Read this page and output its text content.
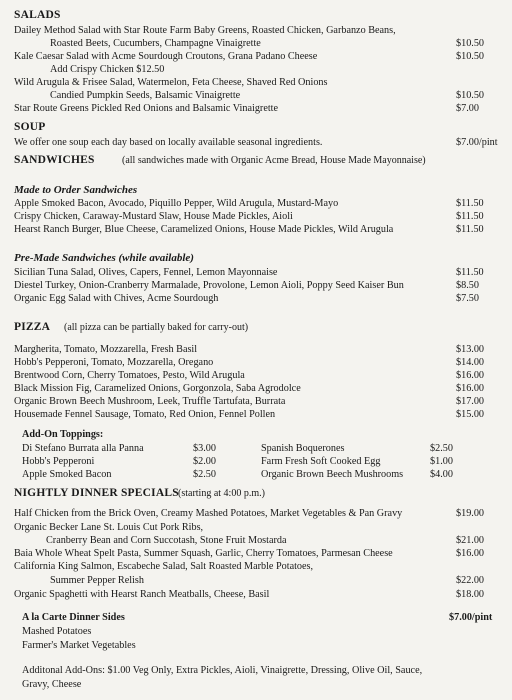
SALADS
Dailey Method Salad with Star Route Farm Baby Greens, Roasted Chicken, Garbanzo Beans,
Roasted Beets, Cucumbers, Champagne Vinaigrette	$10.50
Kale Caesar Salad with Acme Sourdough Croutons, Grana Padano Cheese	$10.50
Add Crispy Chicken $12.50
Wild Arugula & Frisee Salad, Watermelon, Feta Cheese, Shaved Red Onions
Candied Pumpkin Seeds, Balsamic Vinaigrette	$10.50
Star Route Greens Pickled Red Onions and Balsamic Vinaigrette	$7.00
SOUP
We offer one soup each day based on locally available seasonal ingredients.	$7.00/pint
SANDWICHES	(all sandwiches made with Organic Acme Bread, House Made Mayonnaise)
Made to Order Sandwiches
Apple Smoked Bacon, Avocado, Piquillo Pepper, Wild Arugula, Mustard-Mayo	$11.50
Crispy Chicken, Caraway-Mustard Slaw, House Made Pickles, Aioli	$11.50
Hearst Ranch Burger, Blue Cheese, Caramelized Onions, House Made Pickles, Wild Arugula	$11.50
Pre-Made Sandwiches (while available)
Sicilian Tuna Salad, Olives, Capers, Fennel, Lemon Mayonnaise	$11.50
Diestel Turkey, Onion-Cranberry Marmalade, Provolone, Lemon Aioli, Poppy Seed Kaiser Bun	$8.50
Organic Egg Salad with Chives, Acme Sourdough	$7.50
PIZZA (all pizza can be partially baked for carry-out)
Margherita, Tomato, Mozzarella, Fresh Basil	$13.00
Hobb's Pepperoni, Tomato, Mozzarella, Oregano	$14.00
Brentwood Corn, Cherry Tomatoes, Pesto, Wild Arugula	$16.00
Black Mission Fig, Caramelized Onions, Gorgonzola, Saba Agrodolce	$16.00
Organic Brown Beech Mushroom, Leek, Truffle Tartufata, Burrata	$17.00
Housemade Fennel Sausage, Tomato, Red Onion, Fennel Pollen	$15.00
Add-On Toppings:
Di Stefano Burrata alla Panna	$3.00	Spanish Boquerones	$2.50
Hobb's Pepperoni	$2.00	Farm Fresh Soft Cooked Egg	$1.00
Apple Smoked Bacon	$2.50	Organic Brown Beech Mushrooms	$4.00
NIGHTLY DINNER SPECIALS (starting at 4:00 p.m.)
Half Chicken from the Brick Oven, Creamy Mashed Potatoes, Market Vegetables & Pan Gravy	$19.00
Organic Becker Lane St. Louis Cut Pork Ribs,
Cranberry Bean and Corn Succotash, Stone Fruit Mostarda	$21.00
Baia Whole Wheat Spelt Pasta, Summer Squash, Garlic, Cherry Tomatoes, Parmesan Cheese	$16.00
California King Salmon, Escabeche Salad, Salt Roasted Marble Potatoes,
Summer Pepper Relish	$22.00
Organic Spaghetti with Hearst Ranch Meatballs, Cheese, Basil	$18.00
A la Carte Dinner Sides	$7.00/pint
Mashed Potatoes
Farmer's Market Vegetables
Additonal Add-Ons: $1.00 Veg Only, Extra Pickles, Aioli, Vinaigrette, Dressing, Olive Oil, Sauce,
Gravy, Cheese
